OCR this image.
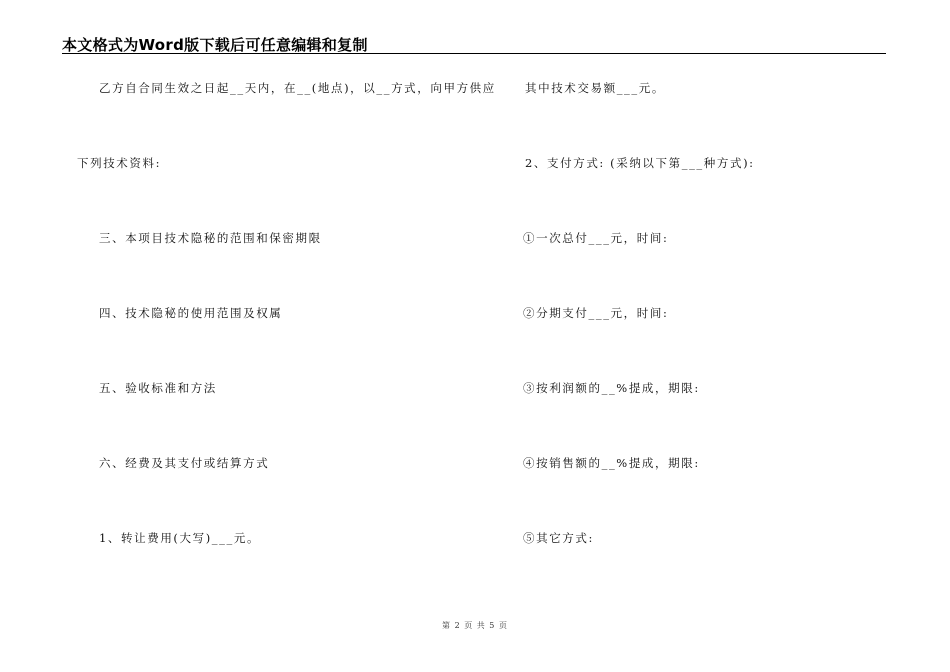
本文格式为Word版下载后可任意编辑和复制
乙方自合同生效之日起__天内，在__(地点)，以__方式，向甲方供应
下列技术资料:
三、本项目技术隐秘的范围和保密期限
四、技术隐秘的使用范围及权属
五、验收标准和方法
六、经费及其支付或结算方式
1、转让费用(大写)___元。
其中技术交易额___元。
2、支付方式: (采纳以下第___种方式):
①一次总付___元，时间:
②分期支付___元，时间:
③按利润额的__%提成，期限:
④按销售额的__%提成，期限:
⑤其它方式:
第 2 页 共 5 页
